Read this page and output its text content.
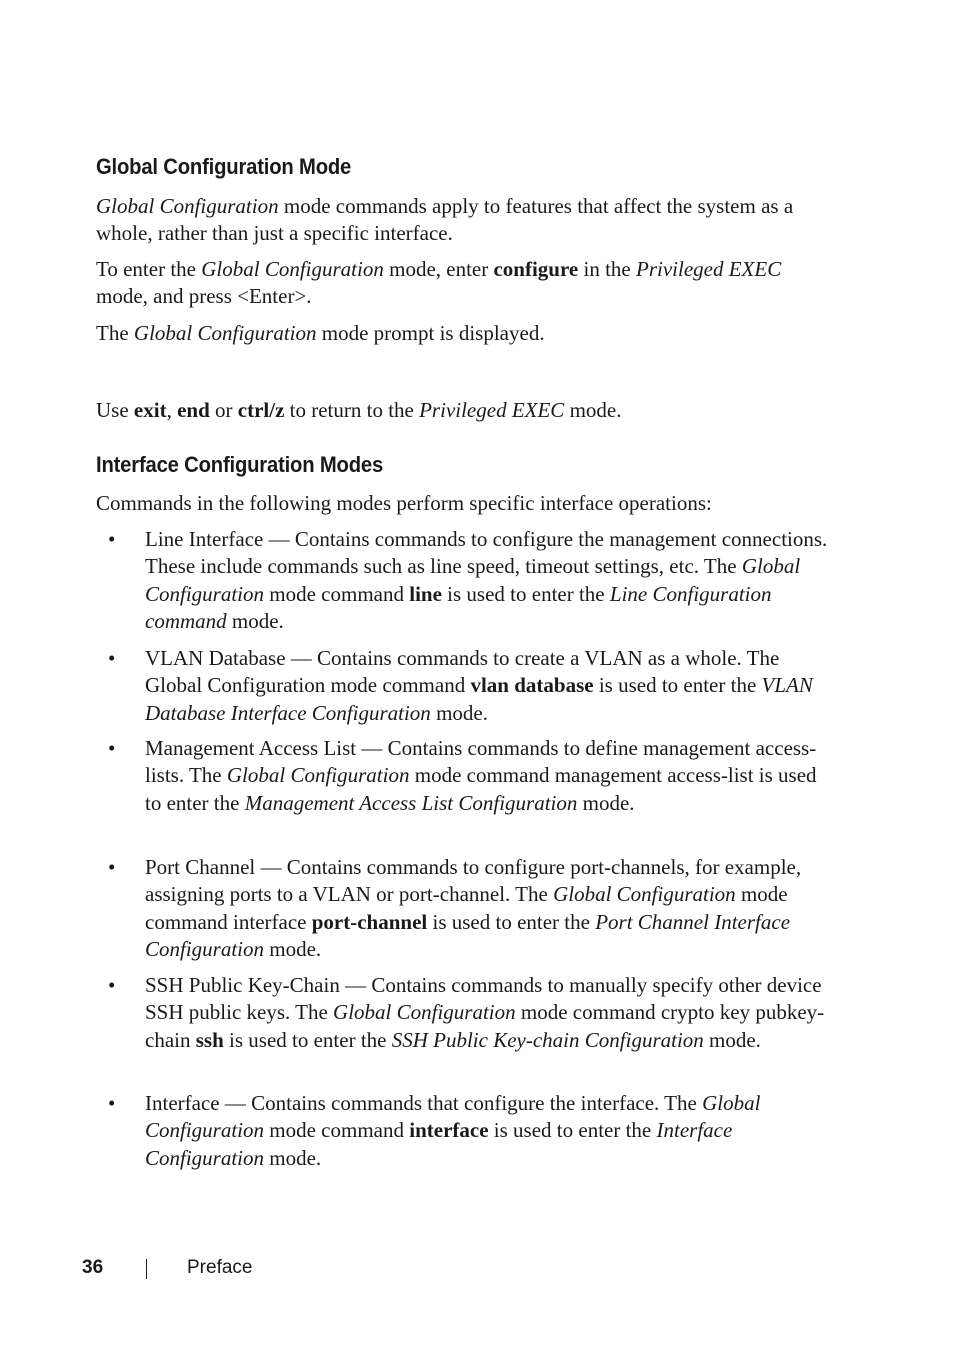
Global Configuration Mode

Global Configuration mode commands apply to features that affect the system as a whole, rather than just a specific interface.

To enter the Global Configuration mode, enter configure in the Privileged EXEC mode, and press <Enter>.

The Global Configuration mode prompt is displayed.

Use exit, end or ctrl/z to return to the Privileged EXEC mode.

Interface Configuration Modes

Commands in the following modes perform specific interface operations:

• Line Interface — Contains commands to configure the management connections. These include commands such as line speed, timeout settings, etc. The Global Configuration mode command line is used to enter the Line Configuration command mode.

• VLAN Database — Contains commands to create a VLAN as a whole. The Global Configuration mode command vlan database is used to enter the VLAN Database Interface Configuration mode.

• Management Access List — Contains commands to define management access-lists. The Global Configuration mode command management access-list is used to enter the Management Access List Configuration mode.

• Port Channel — Contains commands to configure port-channels, for example, assigning ports to a VLAN or port-channel. The Global Configuration mode command interface port-channel is used to enter the Port Channel Interface Configuration mode.

• SSH Public Key-Chain — Contains commands to manually specify other device SSH public keys. The Global Configuration mode command crypto key pubkey-chain ssh is used to enter the SSH Public Key-chain Configuration mode.

• Interface — Contains commands that configure the interface. The Global Configuration mode command interface is used to enter the Interface Configuration mode.

36	Preface
